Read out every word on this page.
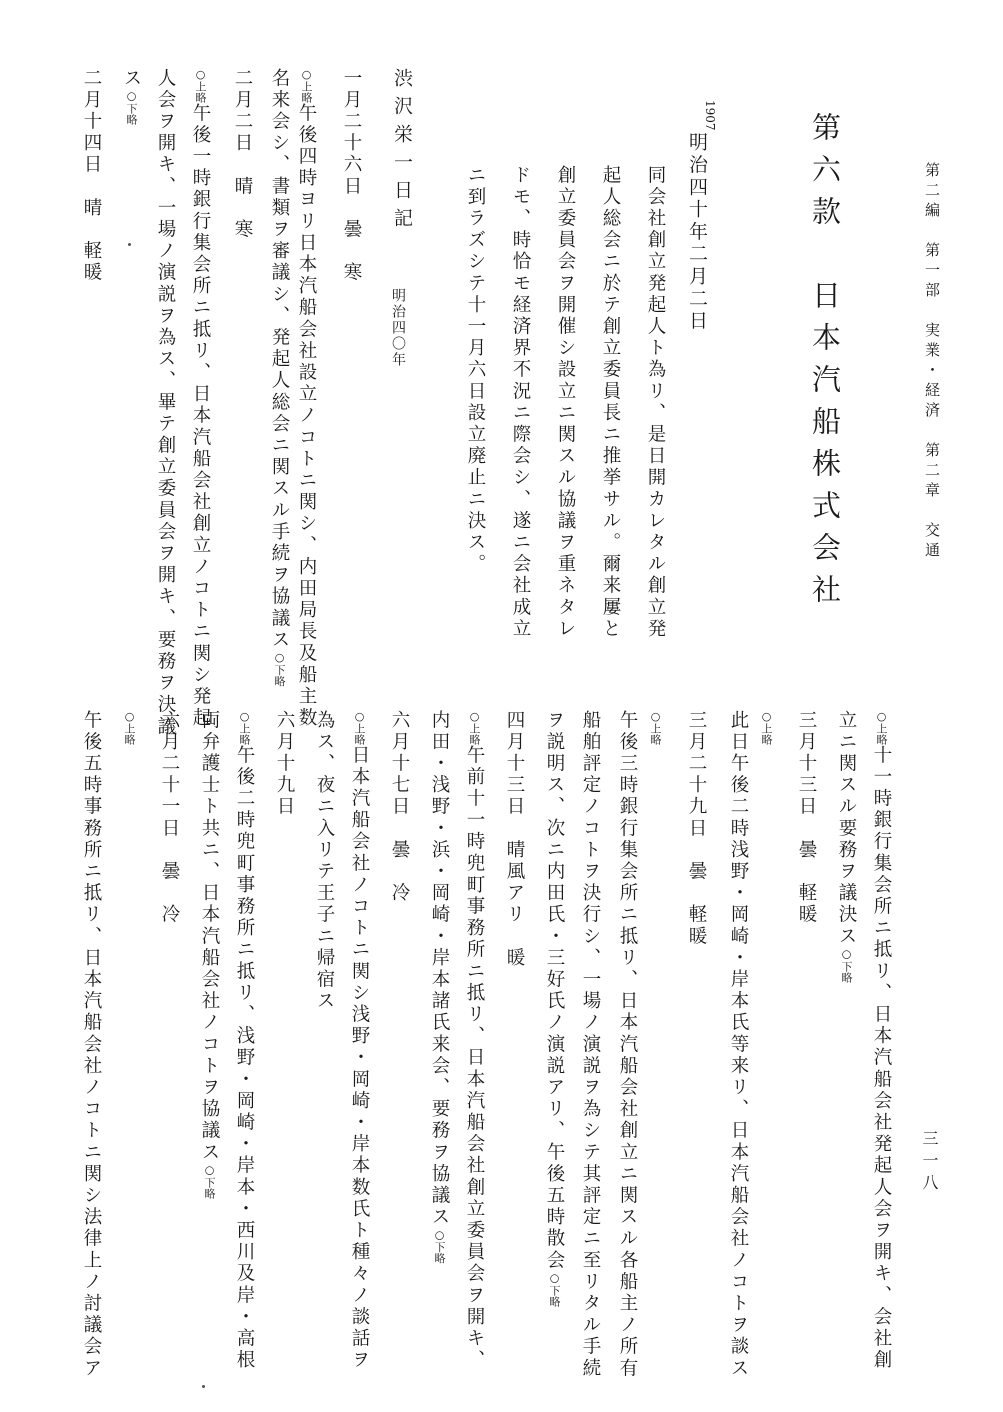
第二編　第一部　実業・経済　第二章　交通
三一八
第六款　日本汽船株式会社
1907
明治四十年二月二日
同会社創立発起人ト為リ、是日開カレタル創立発
起人総会ニ於テ創立委員長ニ推挙サル。爾来屢と
創立委員会ヲ開催シ設立ニ関スル協議ヲ重ネタレ
ドモ、時恰モ経済界不況ニ際会シ、遂ニ会社成立
ニ到ラズシテ十一月六日設立廃止ニ決ス。
渋沢栄一日記
明治四〇年
一月二十六日　曇　寒
○上略午後四時ヨリ日本汽船会社設立ノコトニ関シ、内田局長及船主数
名来会シ、書類ヲ審議シ、発起人総会ニ関スル手続ヲ協議ス○下略
二月二日　晴　寒
○上略午後一時銀行集会所ニ抵リ、日本汽船会社創立ノコトニ関シ発起
人会ヲ開キ、一場ノ演説ヲ為ス、畢テ創立委員会ヲ開キ、要務ヲ決議
ス○下略
二月十四日　晴　軽暖
○上略十一時銀行集会所ニ抵リ、日本汽船会社発起人会ヲ開キ、会社創
立ニ関スル要務ヲ議決ス○下略
三月十三日　曇　軽暖
○上略
此日午後二時浅野・岡崎・岸本氏等来リ、日本汽船会社ノコトヲ談ス
三月二十九日　曇　軽暖
○上略
午後三時銀行集会所ニ抵リ、日本汽船会社創立ニ関スル各船主ノ所有
船舶評定ノコトヲ決行シ、一場ノ演説ヲ為シテ其評定ニ至リタル手続
ヲ説明ス、次ニ内田氏・三好氏ノ演説アリ、午後五時散会○下略
四月十三日　晴風アリ　暖
○上略午前十一時兜町事務所ニ抵リ、日本汽船会社創立委員会ヲ開キ、
内田・浅野・浜・岡崎・岸本諸氏来会、要務ヲ協議ス○下略
六月十七日　曇　冷
○上略日本汽船会社ノコトニ関シ浅野・岡崎・岸本数氏ト種々ノ談話ヲ
為ス、夜ニ入リテ王子ニ帰宿ス
六月十九日
○上略午後二時兜町事務所ニ抵リ、浅野・岡崎・岸本・西川及岸・高根
両弁護士ト共ニ、日本汽船会社ノコトヲ協議ス○下略
六月二十一日　曇　冷
○上略
午後五時事務所ニ抵リ、日本汽船会社ノコトニ関シ法律上ノ討議会ア
